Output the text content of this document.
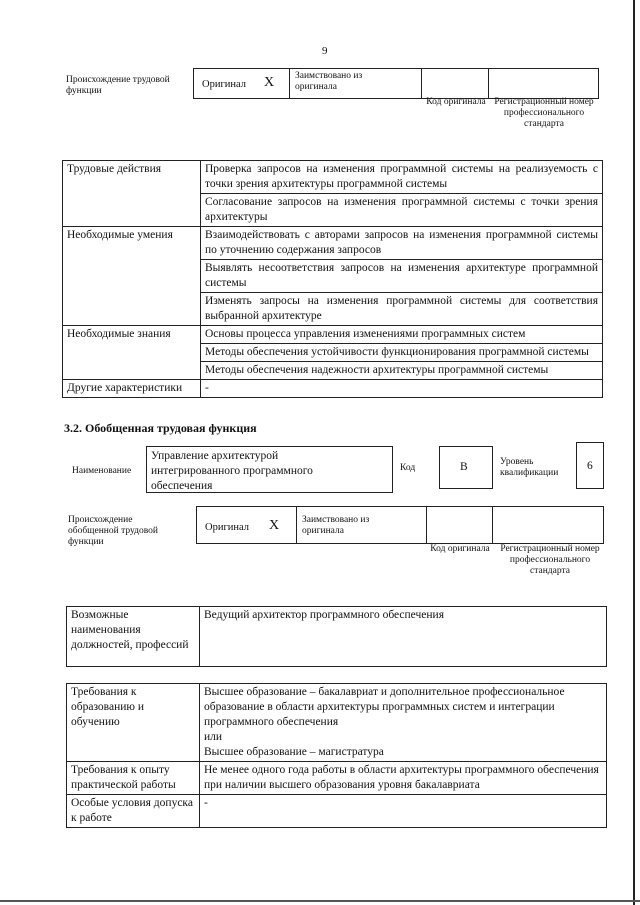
9
Происхождение трудовой функции
Оригинал X Заимствовано из оригинала
Код оригинала Регистрационный номер профессионального стандарта
Трудовые действия	Проверка запросов на изменения программной системы на реализуемость с точки зрения архитектуры программной системы
	Согласование запросов на изменения программной системы с точки зрения архитектуры
Необходимые умения	Взаимодействовать с авторами запросов на изменения программной системы по уточнению содержания запросов
	Выявлять несоответствия запросов на изменения архитектуре программной системы
	Изменять запросы на изменения программной системы для соответствия выбранной архитектуре
Необходимые знания	Основы процесса управления изменениями программных систем
	Методы обеспечения устойчивости функционирования программной системы
	Методы обеспечения надежности архитектуры программной системы
Другие характеристики	-
3.2. Обобщенная трудовая функция
Наименование
Управление архитектурой интегрированного программного обеспечения
Код	B	Уровень квалификации
6
Происхождение обобщенной трудовой функции
Оригинал X Заимствовано из оригинала
Код оригинала Регистрационный номер профессионального стандарта
Возможные наименования должностей, профессий	Ведущий архитектор программного обеспечения
Требования к образованию и обучению	Высшее образование – бакалавриат и дополнительное профессиональное образование в области архитектуры программных систем и интеграции программного обеспечения
или
Высшее образование – магистратура

Требования к опыту практической работы	Не менее одного года работы в области архитектуры программного обеспечения при наличии высшего образования уровня бакалавриата
Особые условия допуска к работе	-
